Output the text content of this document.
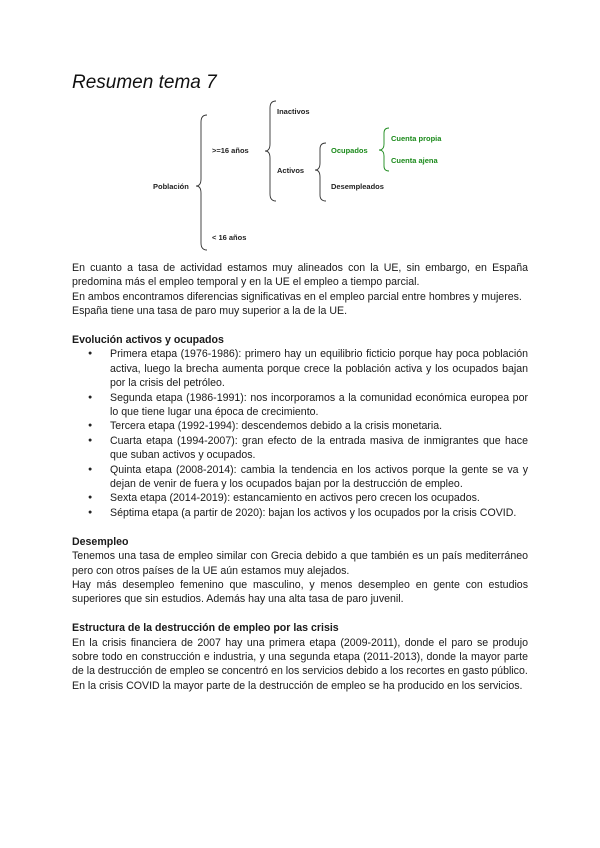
Resumen tema 7
Población
>=16 años
< 16 años
Inactivos
Activos
Ocupados
Desempleados
Cuenta propia
Cuenta ajena

En cuanto a tasa de actividad estamos muy alineados con la UE, sin embargo, en España predomina más el empleo temporal y en la UE el empleo a tiempo parcial.

En ambos encontramos diferencias significativas en el empleo parcial entre hombres y mujeres.

España tiene una tasa de paro muy superior a la de la UE.

Evolución activos y ocupados
● Primera etapa (1976-1986): primero hay un equilibrio ficticio porque hay poca población activa, luego la brecha aumenta porque crece la población activa y los ocupados bajan por la crisis del petróleo.
● Segunda etapa (1986-1991): nos incorporamos a la comunidad económica europea por lo que tiene lugar una época de crecimiento.
● Tercera etapa (1992-1994): descendemos debido a la crisis monetaria.
● Cuarta etapa (1994-2007): gran efecto de la entrada masiva de inmigrantes que hace que suban activos y ocupados.
● Quinta etapa (2008-2014): cambia la tendencia en los activos porque la gente se va y dejan de venir de fuera y los ocupados bajan por la destrucción de empleo.
● Sexta etapa (2014-2019): estancamiento en activos pero crecen los ocupados.
● Séptima etapa (a partir de 2020): bajan los activos y los ocupados por la crisis COVID.
Desempleo

Tenemos una tasa de empleo similar con Grecia debido a que también es un país mediterráneo pero con otros países de la UE aún estamos muy alejados.

Hay más desempleo femenino que masculino, y menos desempleo en gente con estudios superiores que sin estudios. Además hay una alta tasa de paro juvenil.

Estructura de la destrucción de empleo por las crisis

En la crisis financiera de 2007 hay una primera etapa (2009-2011), donde el paro se produjo sobre todo en construcción e industria, y una segunda etapa (2011-2013), donde la mayor parte de la destrucción de empleo se concentró en los servicios debido a los recortes en gasto público.

En la crisis COVID la mayor parte de la destrucción de empleo se ha producido en los servicios.
